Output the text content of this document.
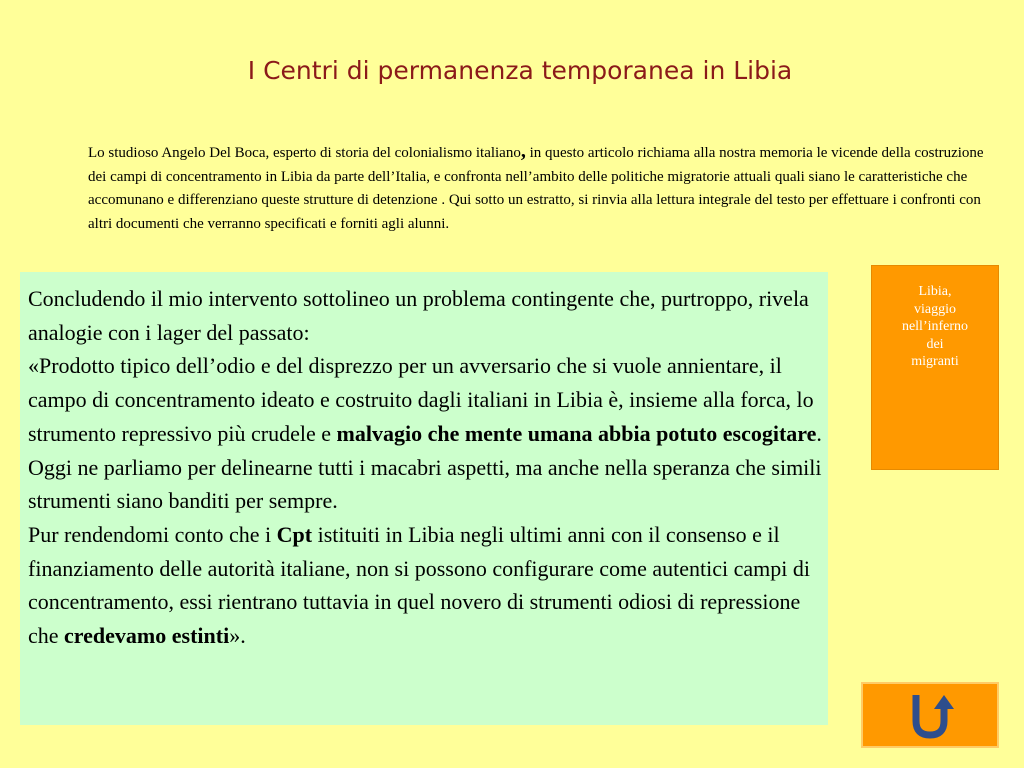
I Centri di permanenza temporanea in Libia
Lo studioso Angelo Del Boca, esperto di storia del colonialismo italiano, in questo articolo richiama alla nostra memoria le vicende della costruzione dei campi di concentramento in Libia da parte dell’Italia, e confronta nell’ambito delle politiche migratorie attuali quali siano le caratteristiche che accomunano e differenziano queste strutture di detenzione . Qui sotto un estratto, si rinvia alla lettura integrale del testo per effettuare i confronti con altri documenti che verranno specificati e forniti agli alunni.
Concludendo il mio intervento sottolineo un problema contingente che, purtroppo, rivela analogie con i lager del passato:
«Prodotto tipico dell’odio e del disprezzo per un avversario che si vuole annientare, il campo di concentramento ideato e costruito dagli italiani in Libia è, insieme alla forca, lo strumento repressivo più crudele e malvagio che mente umana abbia potuto escogitare.
Oggi ne parliamo per delinearne tutti i macabri aspetti, ma anche nella speranza che simili strumenti siano banditi per sempre.
Pur rendendomi conto che i Cpt istituiti in Libia negli ultimi anni con il consenso e il finanziamento delle autorità italiane, non si possono configurare come autentici campi di concentramento, essi rientrano tuttavia in quel novero di strumenti odiosi di repressione che credevamo estinti».
Libia,
viaggio
nell’inferno
dei
migranti
